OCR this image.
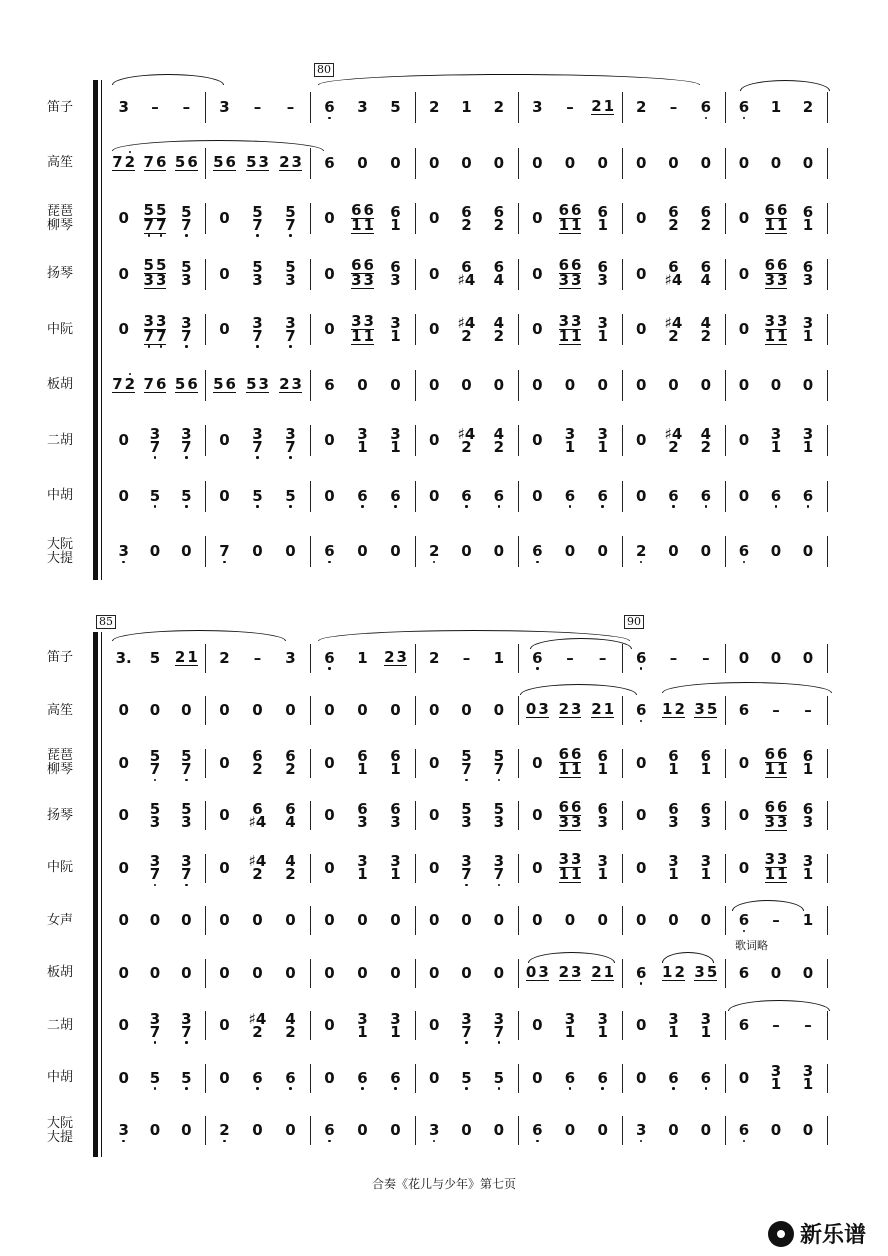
笛子
高笙
琵琶
柳琴
扬琴
中阮
板胡
二胡
中胡
大阮
大提
3 – – 3 – – 6 3 5 2 1 2 3 – 2 1 2 – 6 6 1 2
7 2 7 6 5 6 5 6 5 3 2 3 6 0 0 0 0 0 0 0 0 0 0 0 0 0 0
0 5 5
7 7
5
7 0 5
7
5
7 0 6 6
1 1
6
1 0 6
2
6
2 0 6 6
1 1
6
1 0 6
2
6
2 0 6 6
1 1
6
1
0 5 5
3 3
5
3 0 5
3
5
3 0 6 6
3 3
6
3 0 6
♯4
6
4 0 6 6
3 3
6
3 0 6
♯4
6
4 0 6 6
3 3
6
3
0 3 3
7 7
3
7 0 3
7
3
7 0 3 3
1 1
3
1 0 ♯4
2
4
2 0 3 3
1 1
3
1 0 ♯4
2
4
2 0 3 3
1 1
3
1
7 2 7 6 5 6 5 6 5 3 2 3 6 0 0 0 0 0 0 0 0 0 0 0 0 0 0
0 3
7
3
7 0 3
7
3
7 0 3
1
3
1 0 ♯4
2
4
2 0 3
1
3
1 0 ♯4
2
4
2 0 3
1
3
1
0 5 5 0 5 5 0 6 6 0 6 6 0 6 6 0 6 6 0 6 6
3 0 0 7 0 0 6 0 0 2 0 0 6 0 0 2 0 0 6 0 0
笛子
高笙
琵琶
柳琴
扬琴
中阮
女声
板胡
二胡
中胡
大阮
大提
3. 5 2 1 2 – 3 6 1 2 3 2 – 1 6 – – 6 – – 0 0 0
0 0 0 0 0 0 0 0 0 0 0 0 0 3 2 3 2 1 6 1 2 3 5 6 – –
0 5
7
5
7 0 6
2
6
2 0 6
1
6
1 0 5
7
5
7 0 6 6
1 1
6
1 0 6
1
6
1 0 6 6
1 1
6
1
0 5
3
5
3 0 6
♯4
6
4 0 6
3
6
3 0 5
3
5
3 0 6 6
3 3
6
3 0 6
3
6
3 0 6 6
3 3
6
3
0 3
7
3
7 0 ♯4
2
4
2 0 3
1
3
1 0 3
7
3
7 0 3 3
1 1
3
1 0 3
1
3
1 0 3 3
1 1
3
1
0 0 0 0 0 0 0 0 0 0 0 0 0 0 0 0 0 0 6 – 1
0 0 0 0 0 0 0 0 0 0 0 0 0 3 2 3 2 1 6 1 2 3 5 6 0 0
0 3
7
3
7 0 ♯4
2
4
2 0 3
1
3
1 0 3
7
3
7 0 3
1
3
1 0 3
1
3
1 6 – –
0 5 5 0 6 6 0 6 6 0 5 5 0 6 6 0 6 6 0 3
1
3
1
3 0 0 2 0 0 6 0 0 3 0 0 6 0 0 3 0 0 6 0 0
80
85	90
歌词略
合奏《花儿与少年》第七页
新乐谱
